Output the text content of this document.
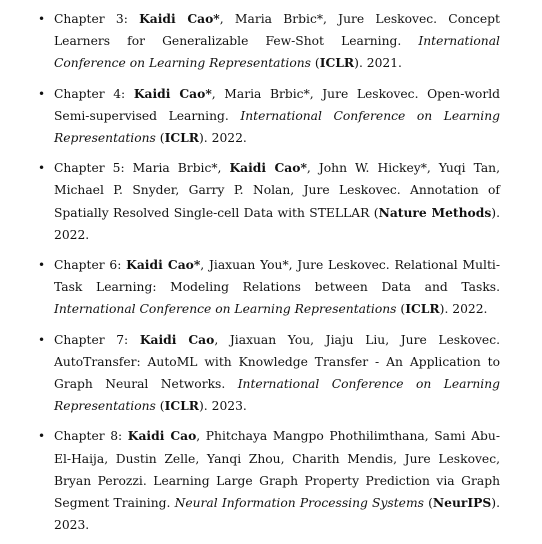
• Chapter 3: Kaidi Cao*, Maria Brbic*, Jure Leskovec. Concept Learners for Generalizable Few-Shot Learning. International Conference on Learning Representations (ICLR). 2021.
• Chapter 4: Kaidi Cao*, Maria Brbic*, Jure Leskovec. Open-world Semi-supervised Learning. International Conference on Learning Representations (ICLR). 2022.
• Chapter 5: Maria Brbic*, Kaidi Cao*, John W. Hickey*, Yuqi Tan, Michael P. Snyder, Garry P. Nolan, Jure Leskovec. Annotation of Spatially Resolved Single-cell Data with STELLAR (Nature Methods). 2022.
• Chapter 6: Kaidi Cao*, Jiaxuan You*, Jure Leskovec. Relational Multi-Task Learning: Modeling Relations between Data and Tasks. International Conference on Learning Representations (ICLR). 2022.
• Chapter 7: Kaidi Cao, Jiaxuan You, Jiaju Liu, Jure Leskovec. AutoTransfer: AutoML with Knowledge Transfer - An Application to Graph Neural Networks. International Conference on Learning Representations (ICLR). 2023.
• Chapter 8: Kaidi Cao, Phitchaya Mangpo Phothilimthana, Sami Abu-El-Haija, Dustin Zelle, Yanqi Zhou, Charith Mendis, Jure Leskovec, Bryan Perozzi. Learning Large Graph Property Prediction via Graph Segment Training. Neural Information Processing Systems (NeurIPS). 2023.
